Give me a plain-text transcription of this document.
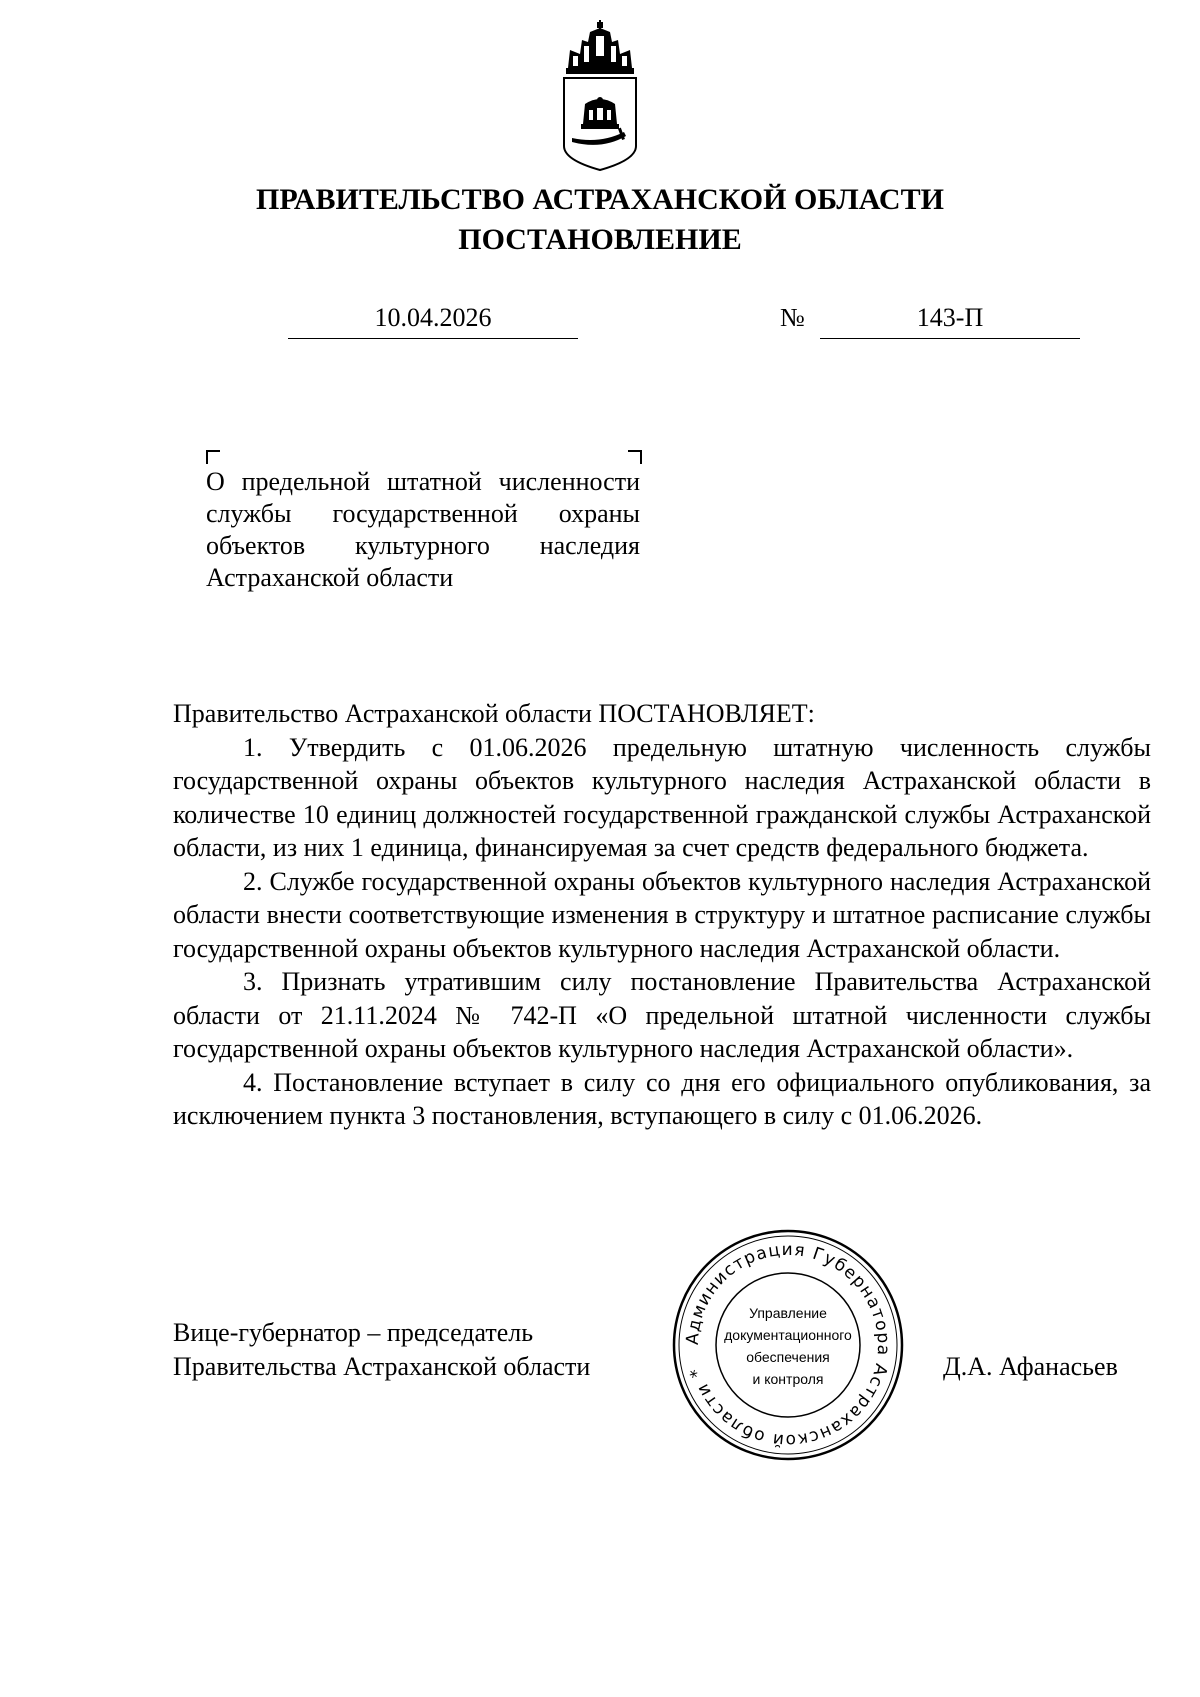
ПРАВИТЕЛЬСТВО АСТРАХАНСКОЙ ОБЛАСТИ
ПОСТАНОВЛЕНИЕ
10.04.2026	№	143-П
О предельной штатной численности службы государственной охраны объектов культурного наследия Астраханской области

Правительство Астраханской области ПОСТАНОВЛЯЕТ:

1. Утвердить с 01.06.2026 предельную штатную численность службы государственной охраны объектов культурного наследия Астраханской области в количестве 10 единиц должностей государственной гражданской службы Астраханской области, из них 1 единица, финансируемая за счет средств федерального бюджета.

2. Службе государственной охраны объектов культурного наследия Астраханской области внести соответствующие изменения в структуру и штатное расписание службы государственной охраны объектов культурного наследия Астраханской области.

3. Признать утратившим силу постановление Правительства Астраханской области от 21.11.2024 № 742-П «О предельной штатной численности службы государственной охраны объектов культурного наследия Астраханской области».

4. Постановление вступает в силу со дня его официального опубликования, за исключением пункта 3 постановления, вступающего в силу с 01.06.2026.

Вице-губернатор – председатель
Правительства Астраханской области
Администрация Губернатора Астраханской области *
Управление
документационного
обеспечения
и контроля	Д.А. Афанасьев
